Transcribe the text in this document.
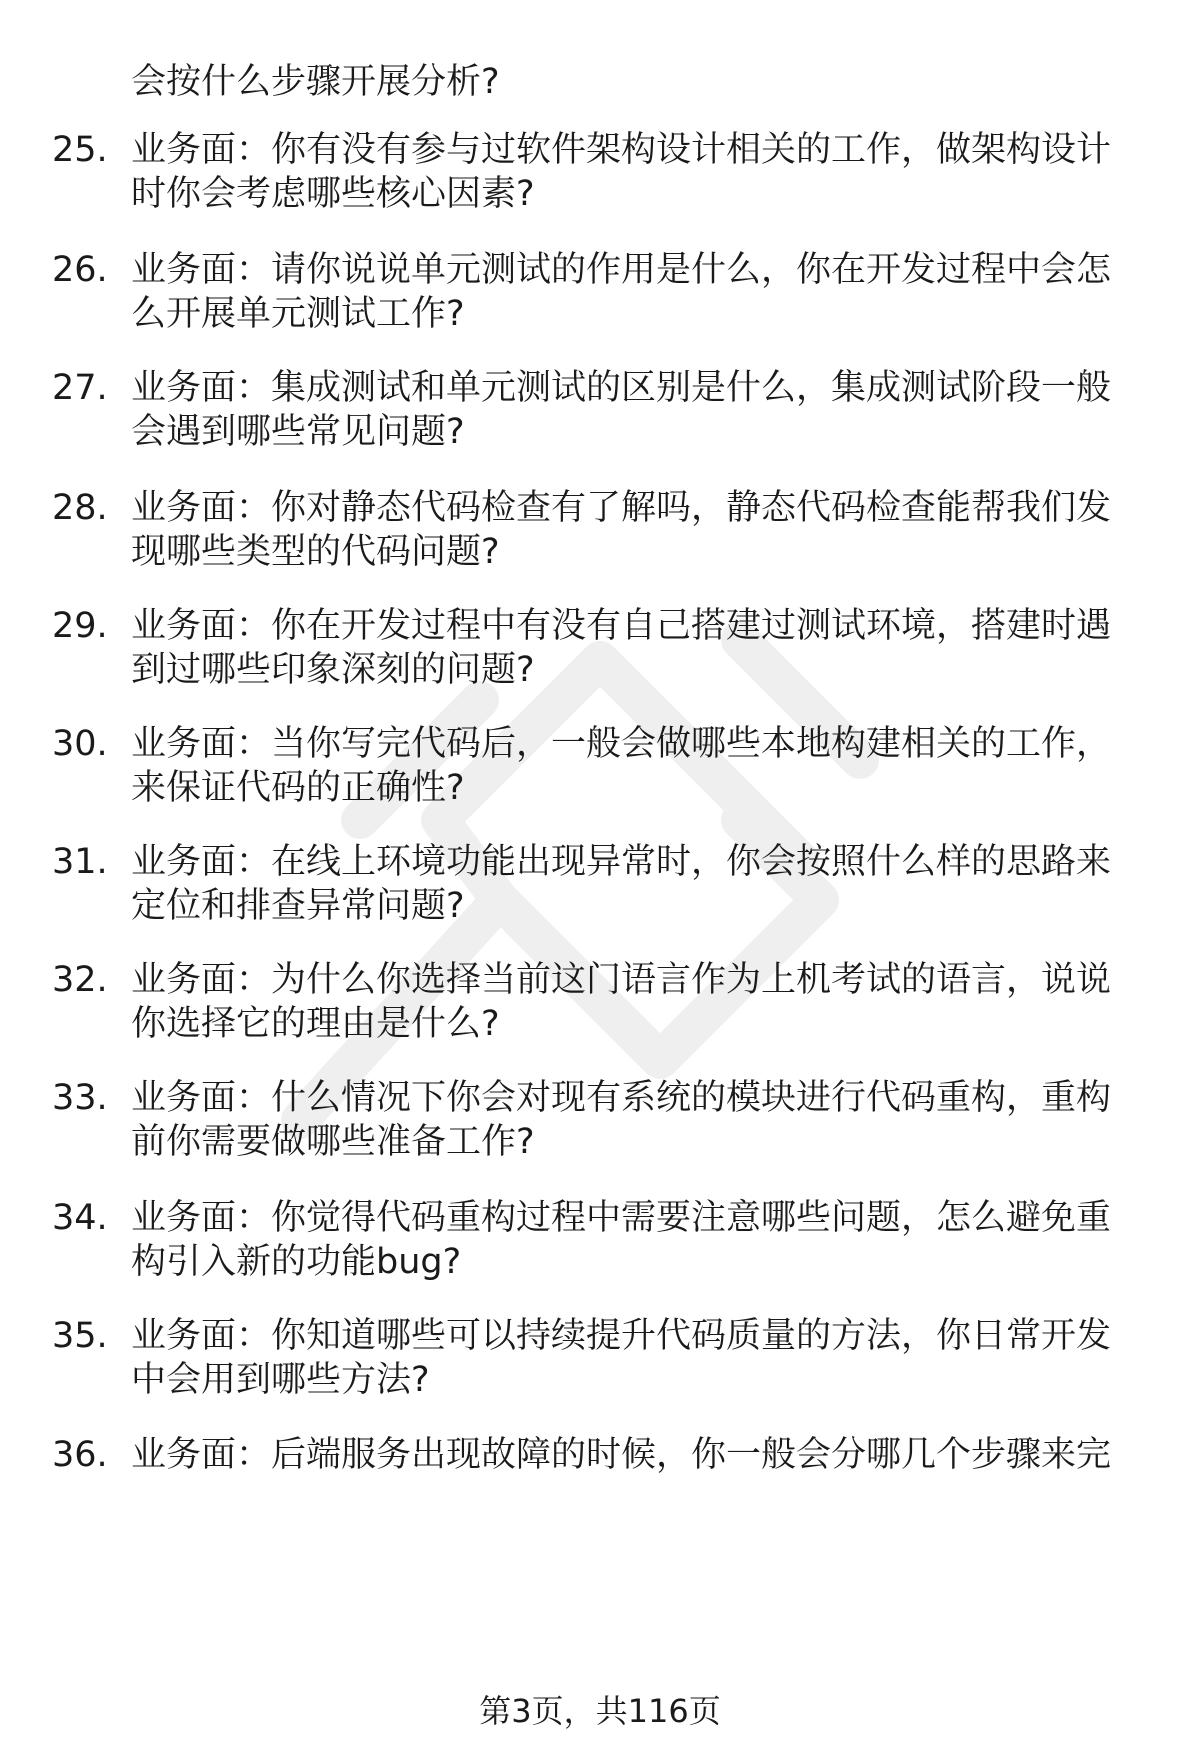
会按什么步骤开展分析?
25. 业务面：你有没有参与过软件架构设计相关的工作，做架构设计
时你会考虑哪些核心因素?
26. 业务面：请你说说单元测试的作用是什么，你在开发过程中会怎
么开展单元测试工作?
27. 业务面：集成测试和单元测试的区别是什么，集成测试阶段一般
会遇到哪些常见问题?
28. 业务面：你对静态代码检查有了解吗，静态代码检查能帮我们发
现哪些类型的代码问题?
29. 业务面：你在开发过程中有没有自己搭建过测试环境，搭建时遇
到过哪些印象深刻的问题?
30. 业务面：当你写完代码后，一般会做哪些本地构建相关的工作，
来保证代码的正确性?
31. 业务面：在线上环境功能出现异常时，你会按照什么样的思路来
定位和排查异常问题?
32. 业务面：为什么你选择当前这门语言作为上机考试的语言，说说
你选择它的理由是什么?
33. 业务面：什么情况下你会对现有系统的模块进行代码重构，重构
前你需要做哪些准备工作?
34. 业务面：你觉得代码重构过程中需要注意哪些问题，怎么避免重
构引入新的功能bug?
35. 业务面：你知道哪些可以持续提升代码质量的方法，你日常开发
中会用到哪些方法?
36. 业务面：后端服务出现故障的时候，你一般会分哪几个步骤来完
第3页，共116页
